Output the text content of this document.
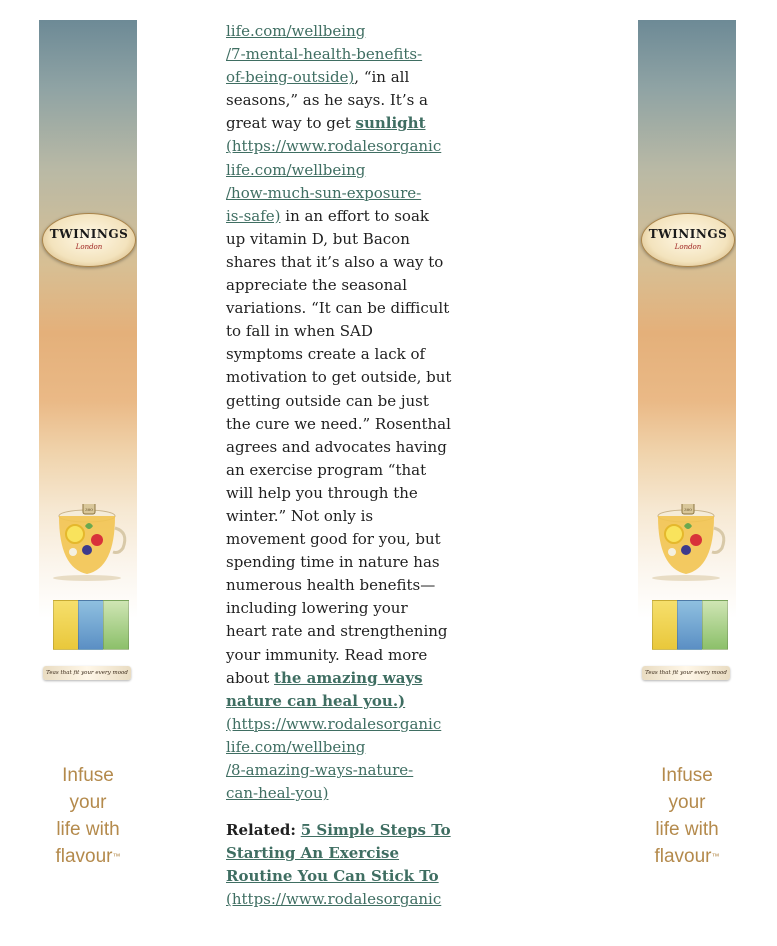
TWININGS
London
300
Teas that fit your every mood
Infuse
your
life with
flavour™

life.com/wellbeing
/7-mental-health-benefits-
of-being-outside), “in all seasons,” as he says. It’s a great way to get sunlight
(https://www.rodalesorganic
life.com/wellbeing
/how-much-sun-exposure-
is-safe) in an effort to soak up vitamin D, but Bacon shares that it’s also a way to appreciate the seasonal variations. “It can be difficult to fall in when SAD symptoms create a lack of motivation to get outside, but getting outside can be just the cure we need.” Rosenthal agrees and advocates having an exercise program “that will help you through the winter.” Not only is movement good for you, but spending time in nature has numerous health benefits—including lowering your heart rate and strengthening your immunity. Read more about the amazing ways nature can heal you.)
(https://www.rodalesorganic
life.com/wellbeing
/8-amazing-ways-nature-
can-heal-you)

Related: 5 Simple Steps To Starting An Exercise Routine You Can Stick To
(https://www.rodalesorganic

TWININGS
London
300
Teas that fit your every mood
Infuse
your
life with
flavour™
